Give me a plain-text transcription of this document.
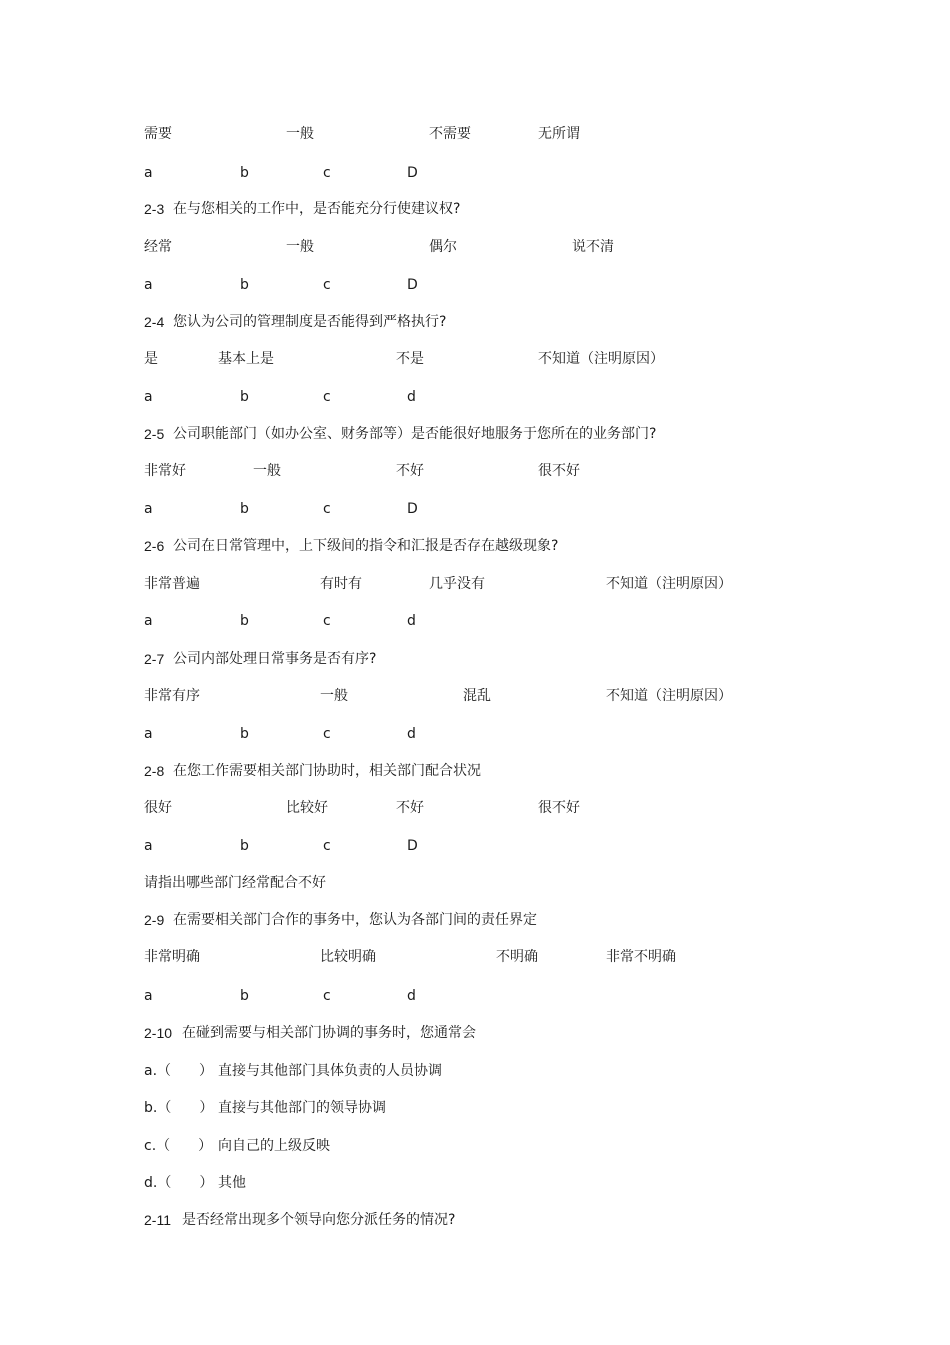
需要	一般	不需要	无所谓
a	b	c	D
2-3 在与您相关的工作中，是否能充分行使建议权?
经常	一般	偶尔	说不清
a	b	c	D
2-4 您认为公司的管理制度是否能得到严格执行?
是	基本上是	不是	不知道（注明原因）
a	b	c	d
2-5 公司职能部门（如办公室、财务部等）是否能很好地服务于您所在的业务部门?
非常好	一般	不好	很不好
a	b	c	D
2-6 公司在日常管理中，上下级间的指令和汇报是否存在越级现象?
非常普遍	有时有	几乎没有	不知道（注明原因）
a	b	c	d
2-7 公司内部处理日常事务是否有序?
非常有序	一般	混乱	不知道（注明原因）
a	b	c	d
2-8 在您工作需要相关部门协助时，相关部门配合状况
很好	比较好	不好	很不好
a	b	c	D
请指出哪些部门经常配合不好
2-9 在需要相关部门合作的事务中，您认为各部门间的责任界定
非常明确	比较明确	不明确	非常不明确
a	b	c	d
2-10 在碰到需要与相关部门协调的事务时，您通常会
a.（　　） 直接与其他部门具体负责的人员协调
b.（　　） 直接与其他部门的领导协调
c.（　　） 向自己的上级反映
d.（　　） 其他
2-11 是否经常出现多个领导向您分派任务的情况?
